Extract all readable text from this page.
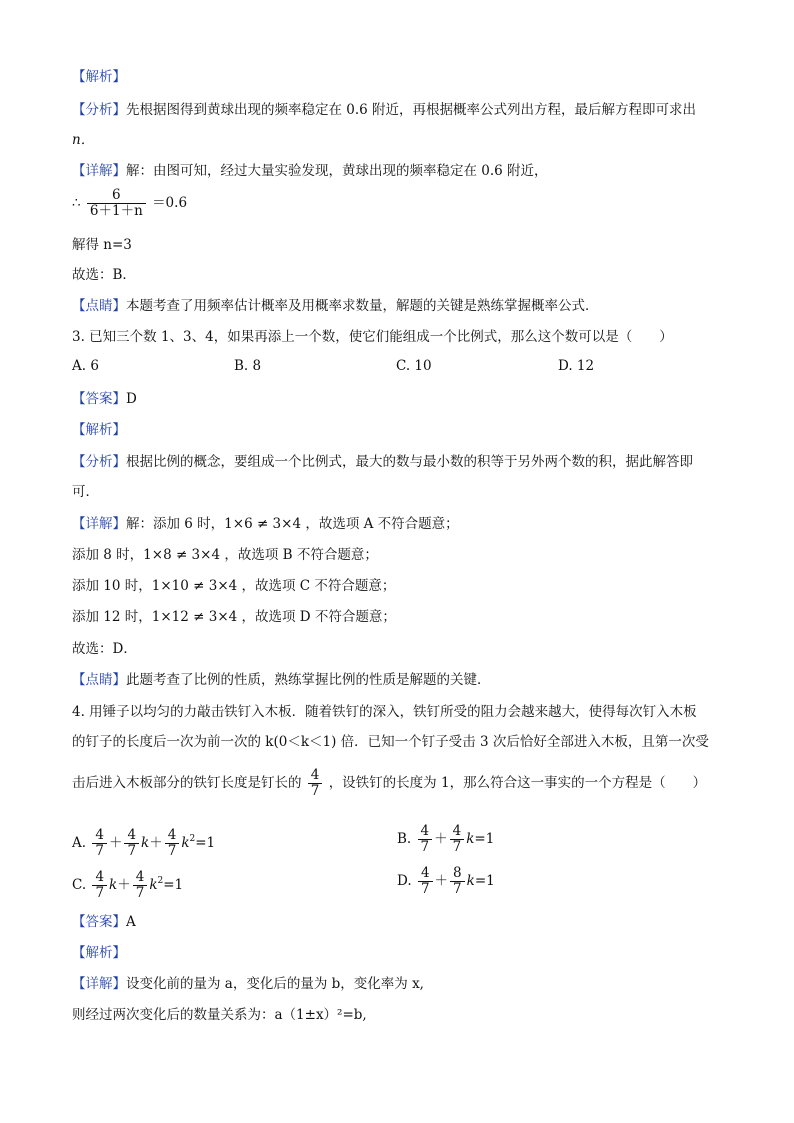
【解析】
【分析】先根据图得到黄球出现的频率稳定在 0.6 附近，再根据概率公式列出方程，最后解方程即可求出
n．
【详解】解：由图可知，经过大量实验发现，黄球出现的频率稳定在 0.6 附近，
∴ $\frac{6}{6+1+n} =0.6$
解得 n=3
故选：B．
【点睛】本题考查了用频率估计概率及用概率求数量，解题的关键是熟练掌握概率公式．
3. 已知三个数 1、3、4，如果再添上一个数，使它们能组成一个比例式，那么这个数可以是（　　）
A. 6	B. 8	C. 10	D. 12
【答案】D
【解析】
【分析】根据比例的概念，要组成一个比例式，最大的数与最小数的积等于另外两个数的积，据此解答即
可．
【详解】解：添加 6 时，1×6 ≠ 3×4 ，故选项 A 不符合题意；
添加 8 时，1×8 ≠ 3×4 ，故选项 B 不符合题意；
添加 10 时，1×10 ≠ 3×4 ，故选项 C 不符合题意；
添加 12 时，1×12 ≠ 3×4 ，故选项 D 不符合题意；
故选：D．
【点睛】此题考查了比例的性质，熟练掌握比例的性质是解题的关键．
4. 用锤子以均匀的力敲击铁钉入木板．随着铁钉的深入，铁钉所受的阻力会越来越大，使得每次钉入木板
的钉子的长度后一次为前一次的 k(0＜k＜1) 倍．已知一个钉子受击 3 次后恰好全部进入木板，且第一次受
击后进入木板部分的铁钉长度是钉长的 $\frac{4}{7}$ ，设铁钉的长度为 1，那么符合这一事实的一个方程是（　　）
A. $\frac{4}{7} + \frac{4}{7} k+ \frac{4}{7} k^2=1$	B. $\frac{4}{7} + \frac{4}{7} k=1$
C. $\frac{4}{7} k+ \frac{4}{7} k^2=1$	D. $\frac{4}{7} + \frac{8}{7} k=1$
【答案】A
【解析】
【详解】设变化前的量为 a，变化后的量为 b，变化率为 x,
则经过两次变化后的数量关系为：a（1±x）²=b,
